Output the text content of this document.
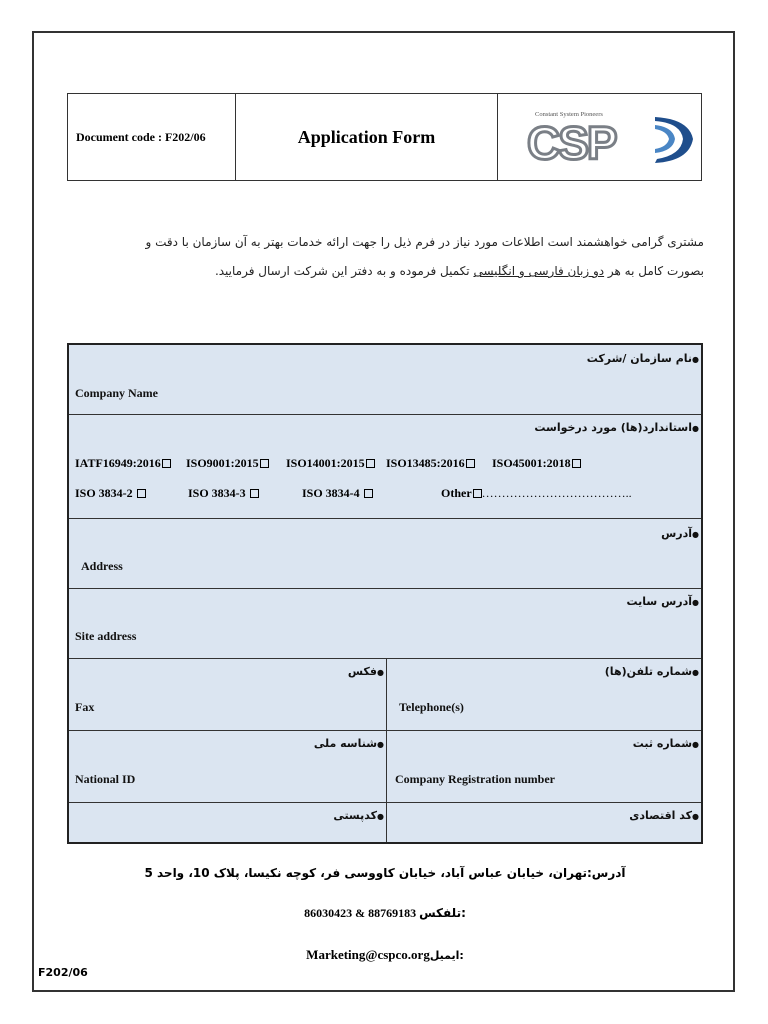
Document code : F202/06	Application Form
Constant System Pioneers
CSP
مشتری گرامی خواهشمند است اطلاعات مورد نیاز در فرم ذیل را جهت ارائه خدمات بهتر به آن سازمان با دقت و
بصورت کامل به هر دو زبان فارسی و انگلیسی تکمیل فرموده و به دفتر این شرکت ارسال فرمایید.
●نام سازمان /شرکت
Company Name
●استاندارد(ها) مورد درخواست
IATF16949:2016	ISO9001:2015	ISO14001:2015	ISO13485:2016	ISO45001:2018
ISO 3834-2	ISO 3834-3	ISO 3834-4	Other ………………………………..
●آدرس
Address
●آدرس سایت
Site address
●فکس
Fax
●شماره تلفن(ها)
Telephone(s)
●شناسه ملی
National ID
●شماره ثبت
Company Registration number
●کدپستی	●کد اقتصادی
آدرس:تهران، خیابان عباس آباد، خیابان کاووسی فر، کوچه نکیسا، پلاک 10، واحد 5
86030423 & 88769183 تلفکس:
Marketing@cspco.orgایمیل:
F202/06
